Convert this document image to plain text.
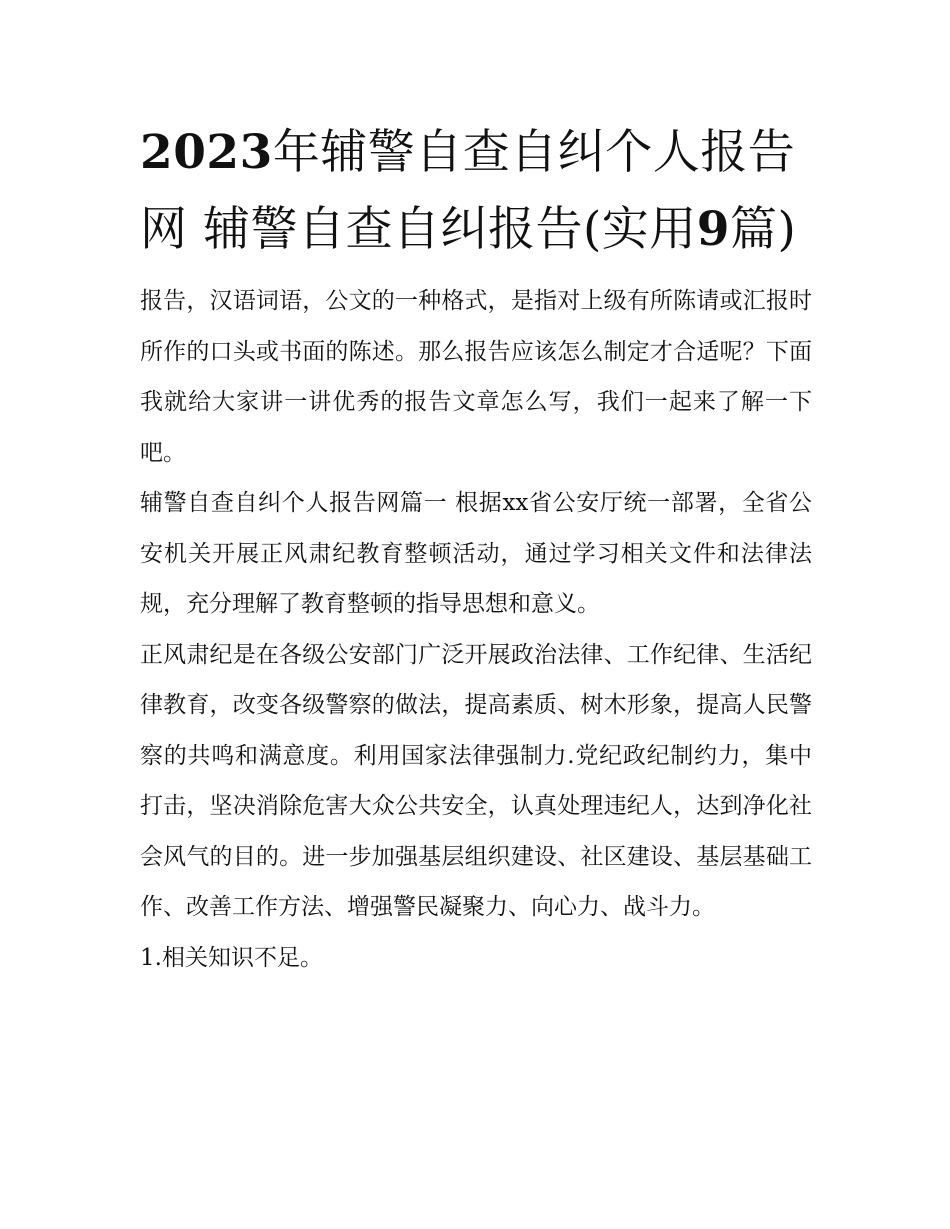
2023年辅警自查自纠个人报告网 辅警自查自纠报告(实用9篇)

报告，汉语词语，公文的一种格式，是指对上级有所陈请或汇报时所作的口头或书面的陈述。那么报告应该怎么制定才合适呢？下面我就给大家讲一讲优秀的报告文章怎么写，我们一起来了解一下吧。

辅警自查自纠个人报告网篇一 根据xx省公安厅统一部署，全省公安机关开展正风肃纪教育整顿活动，通过学习相关文件和法律法规，充分理解了教育整顿的指导思想和意义。

正风肃纪是在各级公安部门广泛开展政治法律、工作纪律、生活纪律教育，改变各级警察的做法，提高素质、树木形象，提高人民警察的共鸣和满意度。利用国家法律强制力.党纪政纪制约力，集中打击，坚决消除危害大众公共安全，认真处理违纪人，达到净化社会风气的目的。进一步加强基层组织建设、社区建设、基层基础工作、改善工作方法、增强警民凝聚力、向心力、战斗力。

1.相关知识不足。
